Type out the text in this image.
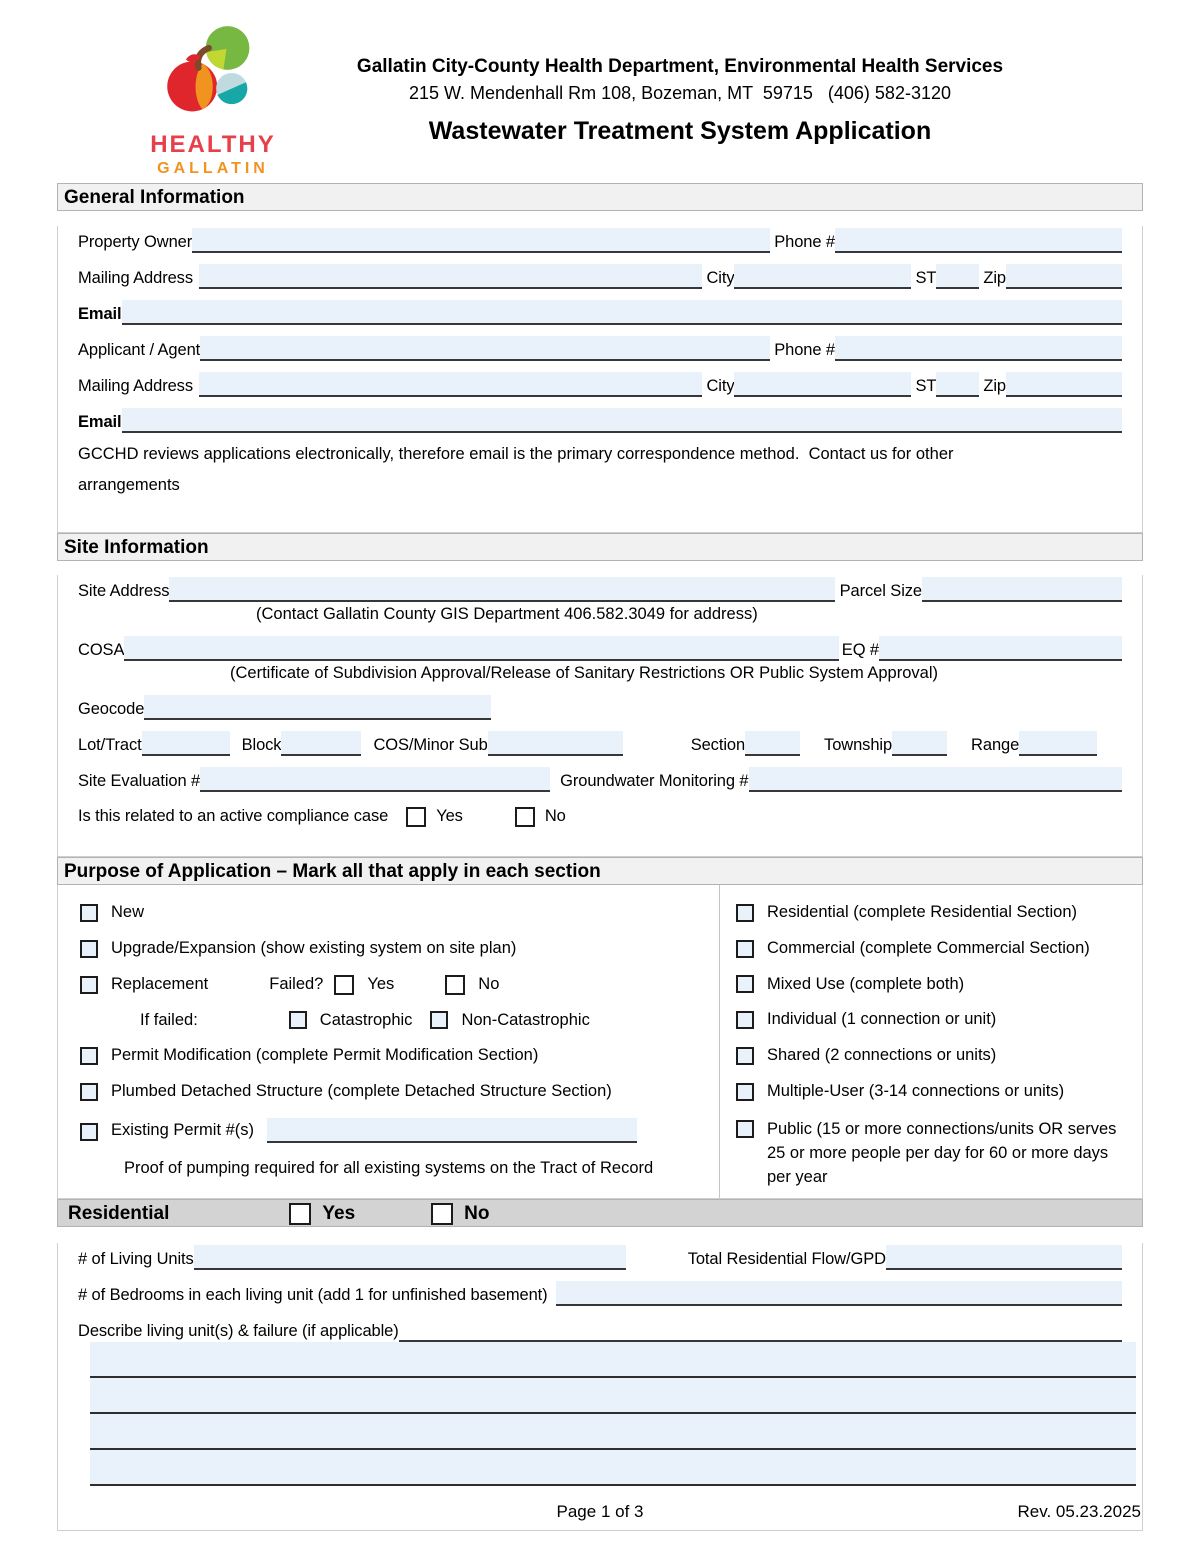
HEALTHY
GALLATIN
Gallatin City-County Health Department, Environmental Health Services
215 W. Mendenhall Rm 108, Bozeman, MT  59715   (406) 582-3120
Wastewater Treatment System Application
General Information
Property Owner	Phone #
Mailing Address	City	ST	Zip
Email
Applicant / Agent	Phone #
Mailing Address	City	ST	Zip
Email
GCCHD reviews applications electronically, therefore email is the primary correspondence method.  Contact us for other
arrangements
Site Information
Site Address	Parcel Size
(Contact Gallatin County GIS Department 406.582.3049 for address)
COSA	EQ #
(Certificate of Subdivision Approval/Release of Sanitary Restrictions OR Public System Approval)
Geocode
Lot/Tract	Block	COS/Minor Sub	Section	Township	Range
Site Evaluation #	Groundwater Monitoring #
Is this related to an active compliance case	Yes	No
Purpose of Application – Mark all that apply in each section
New
Upgrade/Expansion (show existing system on site plan)
Replacement	Failed?	Yes	No
If failed:	Catastrophic	Non-Catastrophic
Permit Modification (complete Permit Modification Section)
Plumbed Detached Structure (complete Detached Structure Section)
Existing Permit #(s)
Proof of pumping required for all existing systems on the Tract of Record
Residential (complete Residential Section)
Commercial (complete Commercial Section)
Mixed Use (complete both)
Individual (1 connection or unit)
Shared (2 connections or units)
Multiple-User (3-14 connections or units)
Public (15 or more connections/units OR serves 25 or more people per day for 60 or more days per year
Residential	Yes	No
# of Living Units	Total Residential Flow/GPD
# of Bedrooms in each living unit (add 1 for unfinished basement)
Describe living unit(s) & failure (if applicable)
Page 1 of 3	Rev. 05.23.2025
